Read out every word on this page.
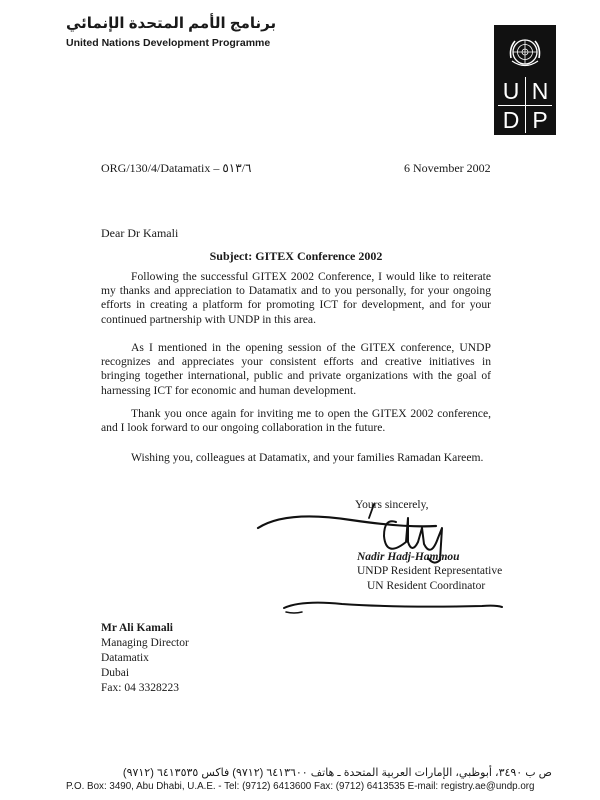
برنامج الأمم المتحدة الإنمائي
United Nations Development Programme
U N
D P
ORG/130/4/Datamatix – ٥١٣/٦	6 November 2002
Dear Dr Kamali
Subject: GITEX Conference 2002

Following the successful GITEX 2002 Conference, I would like to reiterate my thanks and appreciation to Datamatix and to you personally, for your ongoing efforts in creating a platform for promoting ICT for development, and for your continued partnership with UNDP in this area.

As I mentioned in the opening session of the GITEX conference, UNDP recognizes and appreciates your consistent efforts and creative initiatives in bringing together international, public and private organizations with the goal of harnessing ICT for economic and human development.

Thank you once again for inviting me to open the GITEX 2002 conference, and I look forward to our ongoing collaboration in the future.

Wishing you, colleagues at Datamatix, and your families Ramadan Kareem.

Yours sincerely,
Nadir Hadj-Hammou
UNDP Resident Representative
UN Resident Coordinator
Mr Ali Kamali
Managing Director
Datamatix
Dubai
Fax: 04 3328223
ص ب ٣٤٩٠، أبوظبي، الإمارات العربية المتحدة ـ هاتف ٦٤١٣٦٠٠ (٩٧١٢) فاكس ٦٤١٣٥٣٥ (٩٧١٢)
P.O. Box: 3490, Abu Dhabi, U.A.E. - Tel: (9712) 6413600 Fax: (9712) 6413535 E-mail: registry.ae@undp.org
